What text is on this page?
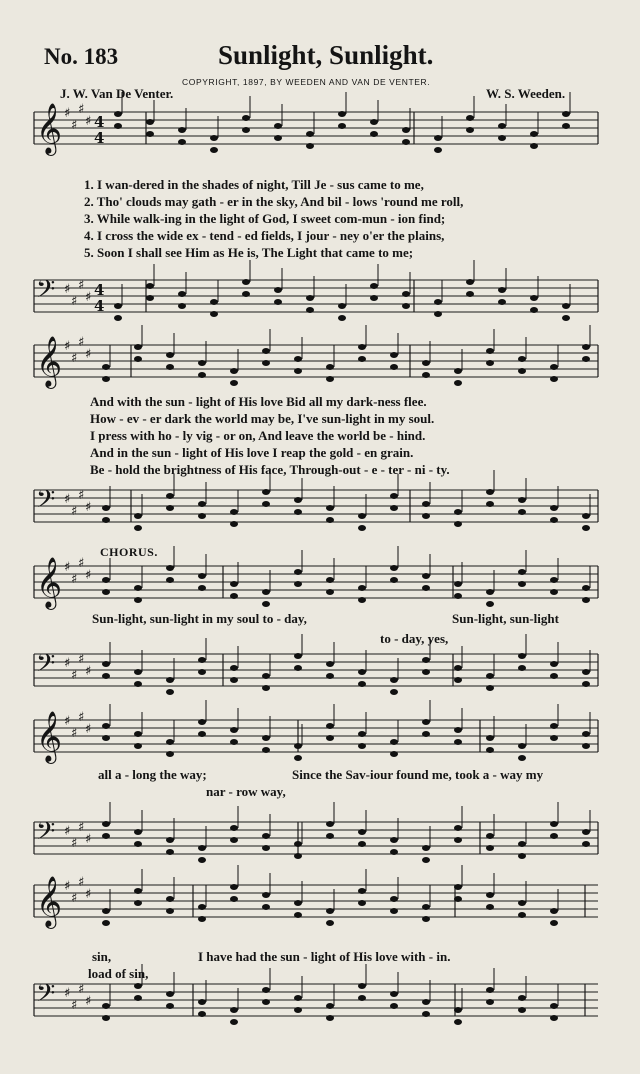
No. 183	Sunlight, Sunlight.
COPYRIGHT, 1897, BY WEEDEN AND VAN DE VENTER.
J. W. Van De Venter.	W. S. Weeden.
𝄞 ♯
♯
♯
♯ 4
4
𝄢 ♯
♯
♯
♯ 4
4
𝄞 ♯
♯
♯
♯
𝄢 ♯
♯
♯
♯
𝄞 ♯
♯
♯
♯
𝄢 ♯
♯
♯
♯
𝄞 ♯
♯
♯
♯
𝄢 ♯
♯
♯
♯
𝄞 ♯
♯
♯
♯
𝄢 ♯
♯
♯
♯
1. I wan-dered in the shades of night, Till Je - sus came to me,
2. Tho' clouds may gath - er in the sky, And bil - lows 'round me roll,
3. While walk-ing in the light of God, I sweet com-mun - ion find;
4. I cross the wide ex - tend - ed fields, I jour - ney o'er the plains,
5. Soon I shall see Him as He is, The Light that came to me;
And with the sun - light of His love Bid all my dark-ness flee.
How - ev - er dark the world may be, I've sun-light in my soul.
I press with ho - ly vig - or on, And leave the world be - hind.
And in the sun - light of His love I reap the gold - en grain.
Be - hold the brightness of His face, Through-out - e - ter - ni - ty.
CHORUS.
Sun-light, sun-light in my soul to - day,	Sun-light, sun-light
to - day, yes,
all a - long the way;	Since the Sav-iour found me, took a - way my
nar - row way,
sin,	I have had the sun - light of His love with - in.
load of sin,
